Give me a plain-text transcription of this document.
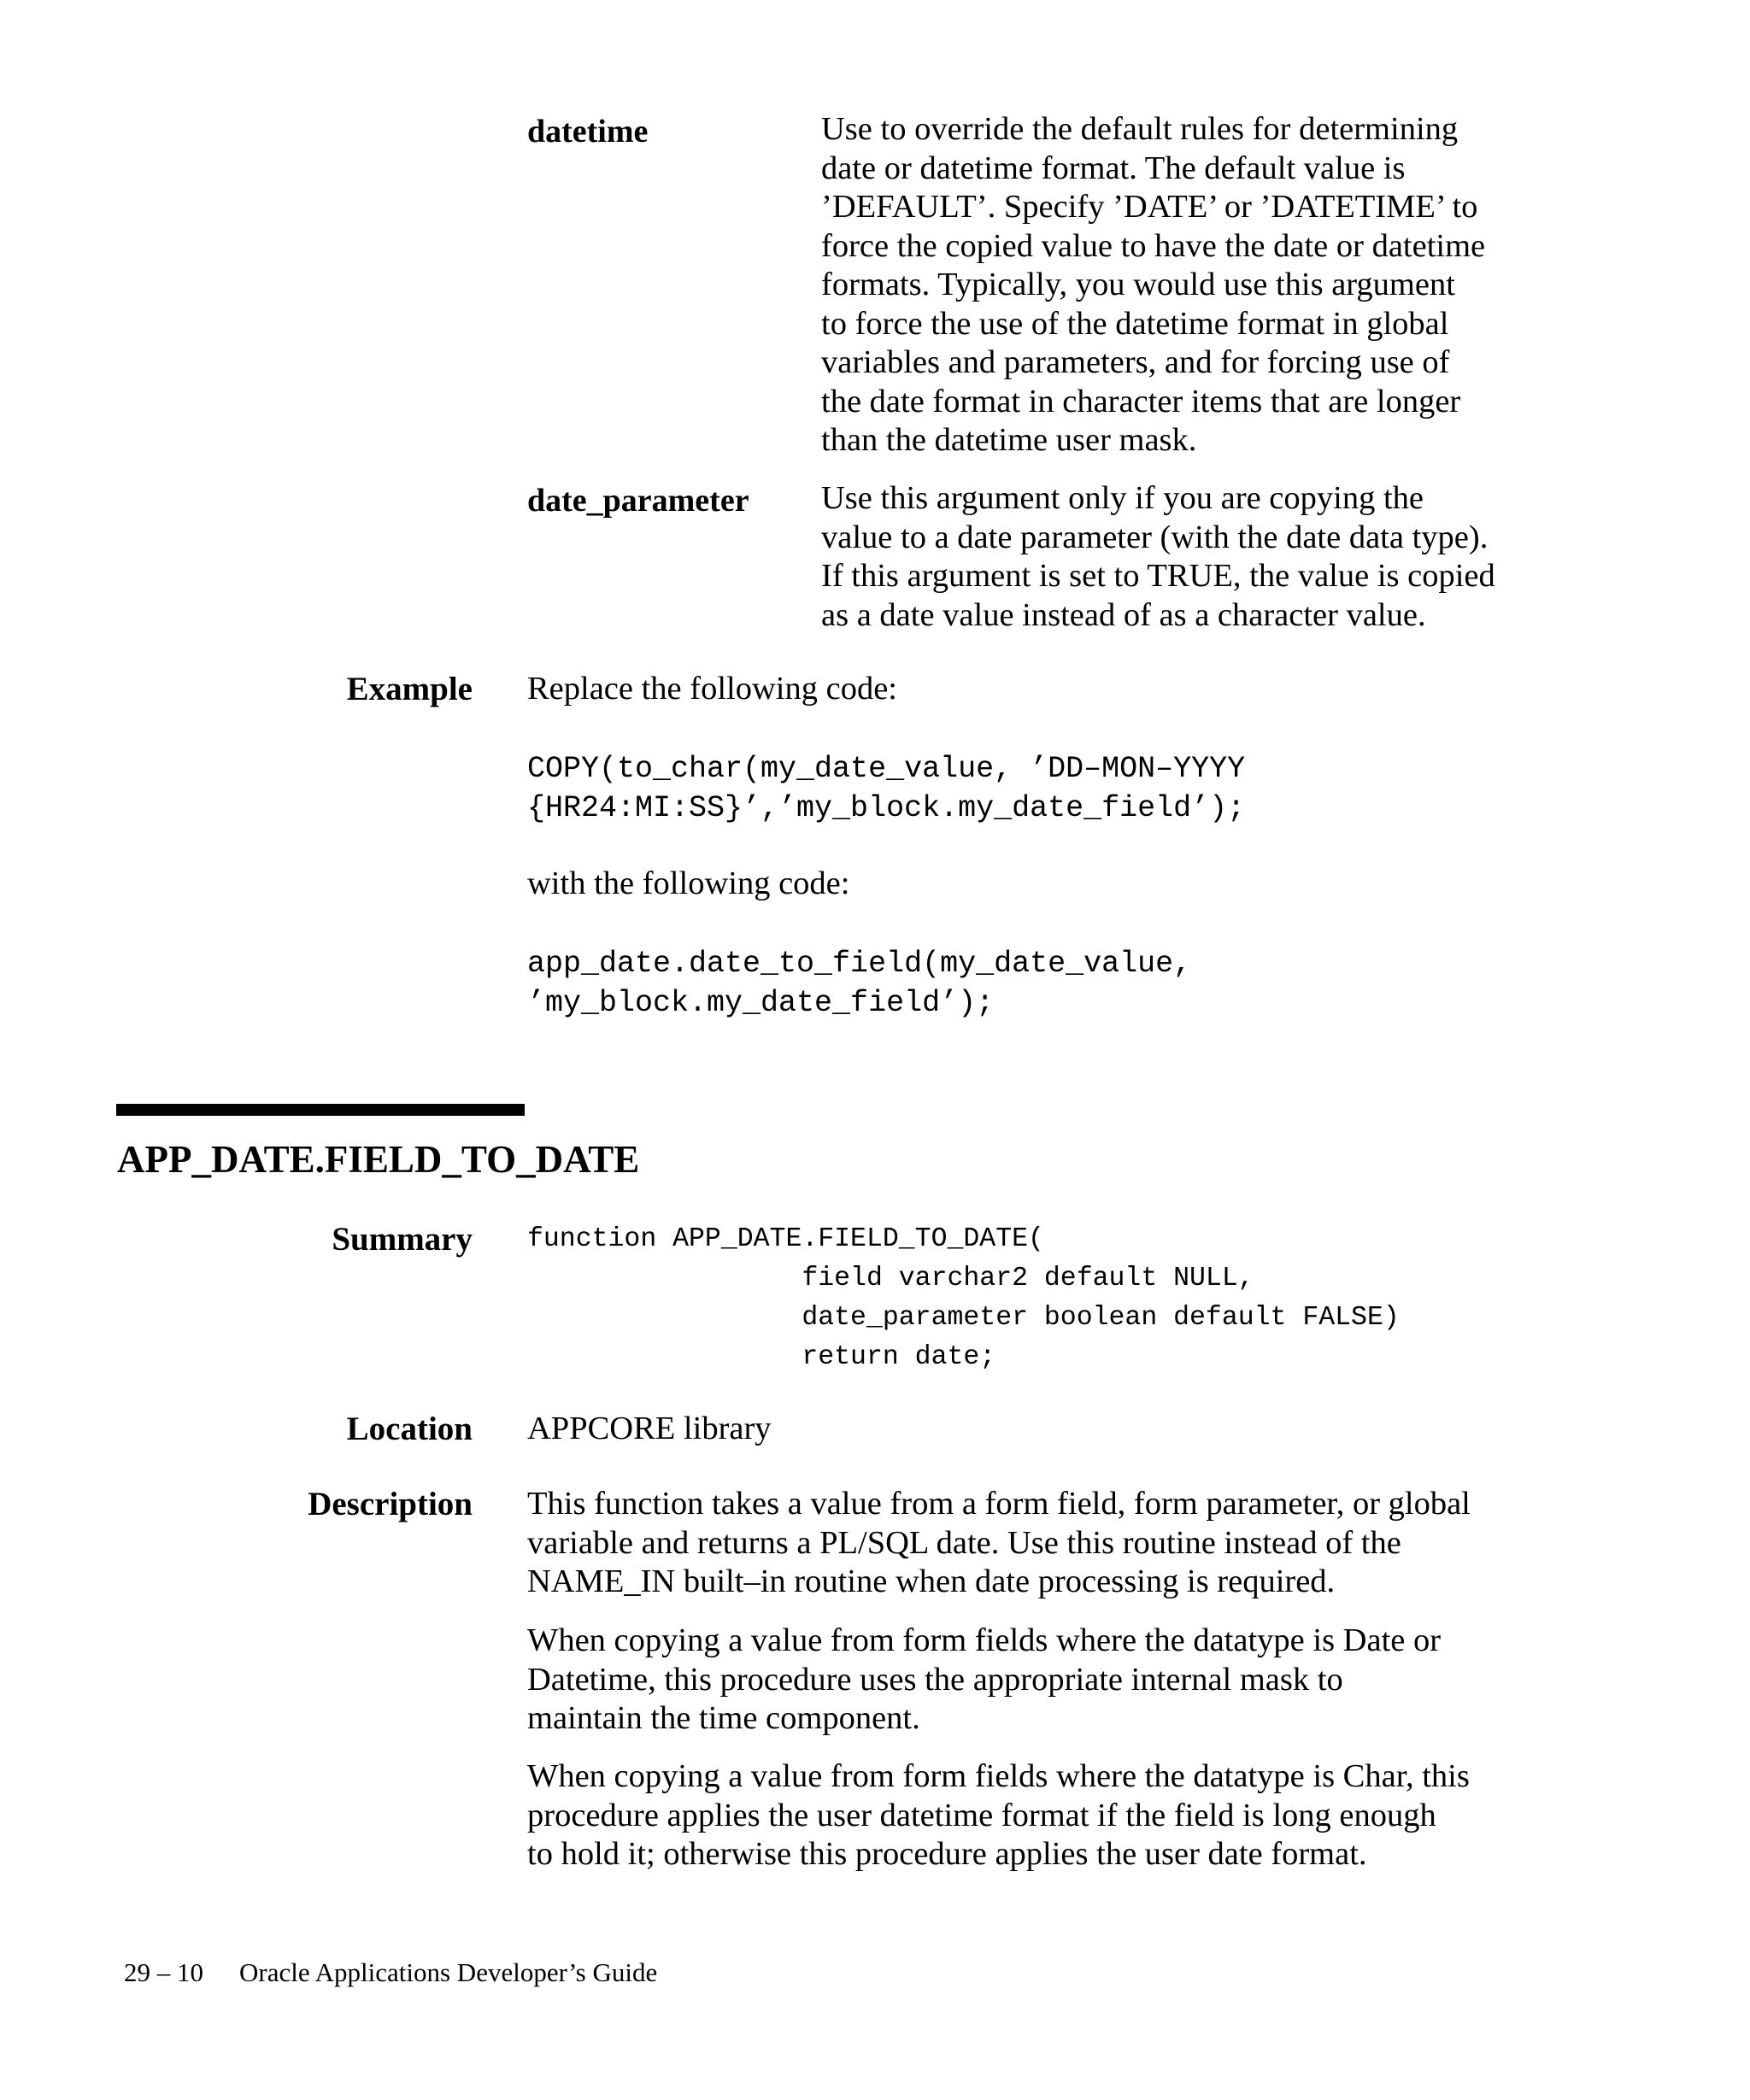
datetime	Use to override the default rules for determining
date or datetime format. The default value is
’DEFAULT’. Specify ’DATE’ or ’DATETIME’ to
force the copied value to have the date or datetime
formats. Typically, you would use this argument
to force the use of the datetime format in global
variables and parameters, and for forcing use of
the date format in character items that are longer
than the datetime user mask.
date_parameter Use this argument only if you are copying the
value to a date parameter (with the date data type).
If this argument is set to TRUE, the value is copied
as a date value instead of as a character value.
Example Replace the following code:
COPY(to_char(my_date_value, ’DD–MON–YYYY
{HR24:MI:SS}’,’my_block.my_date_field’);
with the following code:
app_date.date_to_field(my_date_value,
’my_block.my_date_field’);
APP_DATE.FIELD_TO_DATE
Summary function APP_DATE.FIELD_TO_DATE(
field varchar2 default NULL,
date_parameter boolean default FALSE)
return date;
Location APPCORE library
Description This function takes a value from a form field, form parameter, or global
variable and returns a PL/SQL date. Use this routine instead of the
NAME_IN built–in routine when date processing is required.
When copying a value from form fields where the datatype is Date or
Datetime, this procedure uses the appropriate internal mask to
maintain the time component.
When copying a value from form fields where the datatype is Char, this
procedure applies the user datetime format if the field is long enough
to hold it; otherwise this procedure applies the user date format.
29 – 10 Oracle Applications Developer’s Guide
